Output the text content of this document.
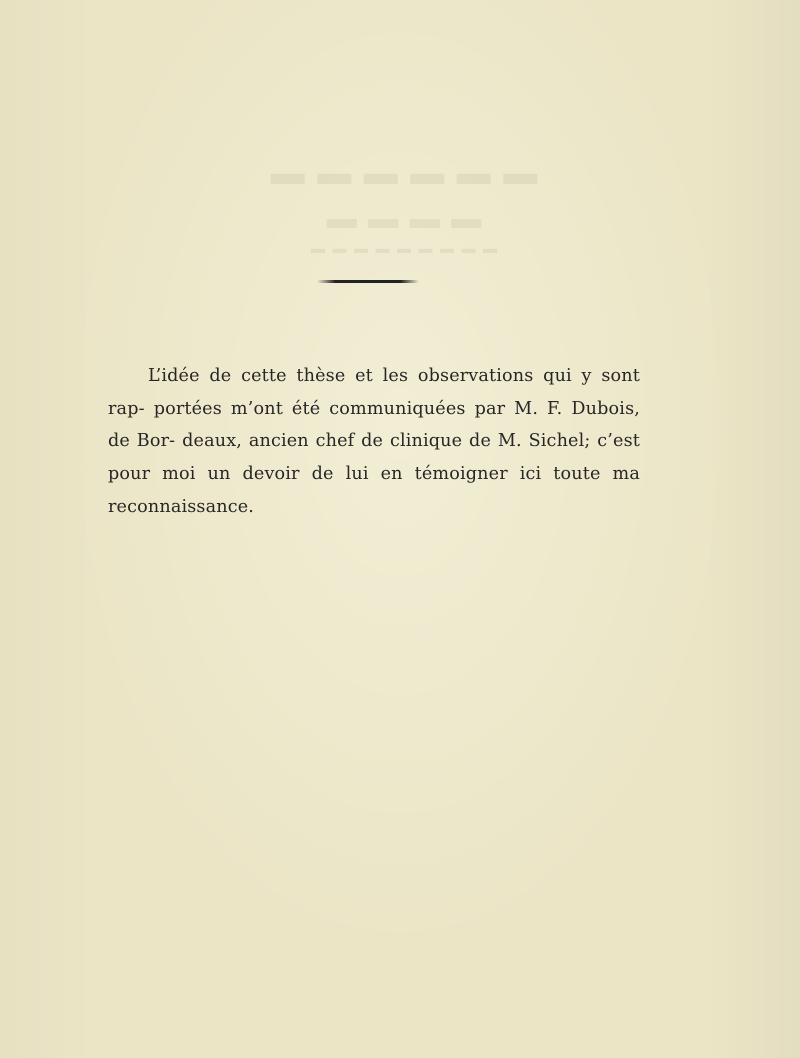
▬ ▬ ▬ ▬ ▬ ▬
▬ ▬ ▬ ▬
▬ ▬ ▬ ▬ ▬ ▬ ▬ ▬ ▬

L’idée de cette thèse et les observations qui y sont rap- portées m’ont été communiquées par M. F. Dubois, de Bor- deaux, ancien chef de clinique de M. Sichel; c’est pour moi un devoir de lui en témoigner ici toute ma reconnaissance.
